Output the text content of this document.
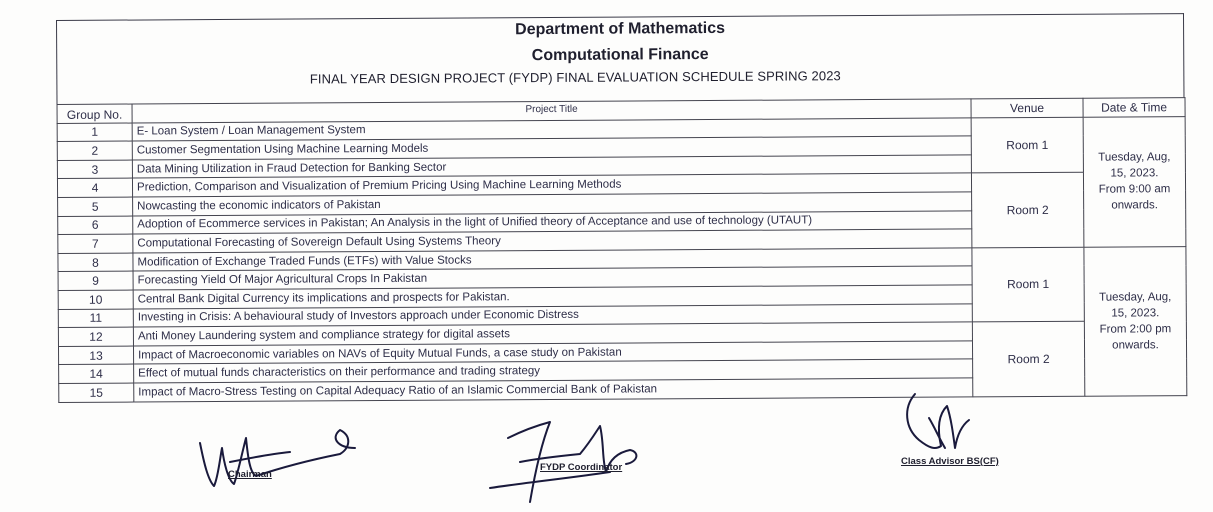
Department of Mathematics
Computational Finance
FINAL YEAR DESIGN PROJECT (FYDP) FINAL EVALUATION SCHEDULE SPRING 2023
Group No.	Project Title	Venue	Date & Time
1	E- Loan System / Loan Management System	Room 1	Tuesday, Aug,
15, 2023.
From 9:00 am
onwards.
2	Customer Segmentation Using Machine Learning Models		
3	Data Mining Utilization in Fraud Detection for Banking Sector		
4	Prediction, Comparison and Visualization of Premium Pricing Using Machine Learning Methods	Room 2	
5	Nowcasting the economic indicators of Pakistan		
6	Adoption of Ecommerce services in Pakistan; An Analysis in the light of Unified theory of Acceptance and use of technology (UTAUT)		
7	Computational Forecasting of Sovereign Default Using Systems Theory		
8	Modification of Exchange Traded Funds (ETFs) with Value Stocks	Room 1	Tuesday, Aug,
15, 2023.
From 2:00 pm
onwards.
9	Forecasting Yield Of Major Agricultural Crops In Pakistan		
10	Central Bank Digital Currency its implications and prospects for Pakistan.		
11	Investing in Crisis: A behavioural study of Investors approach under Economic Distress		
12	Anti Money Laundering system and compliance strategy for digital assets	Room 2	
13	Impact of Macroeconomic variables on NAVs of Equity Mutual Funds, a case study on Pakistan		
14	Effect of mutual funds characteristics on their performance and trading strategy		
15	Impact of Macro-Stress Testing on Capital Adequacy Ratio of an Islamic Commercial Bank of Pakistan		
Chairman
FYDP Coordinator
Class Advisor BS(CF)
